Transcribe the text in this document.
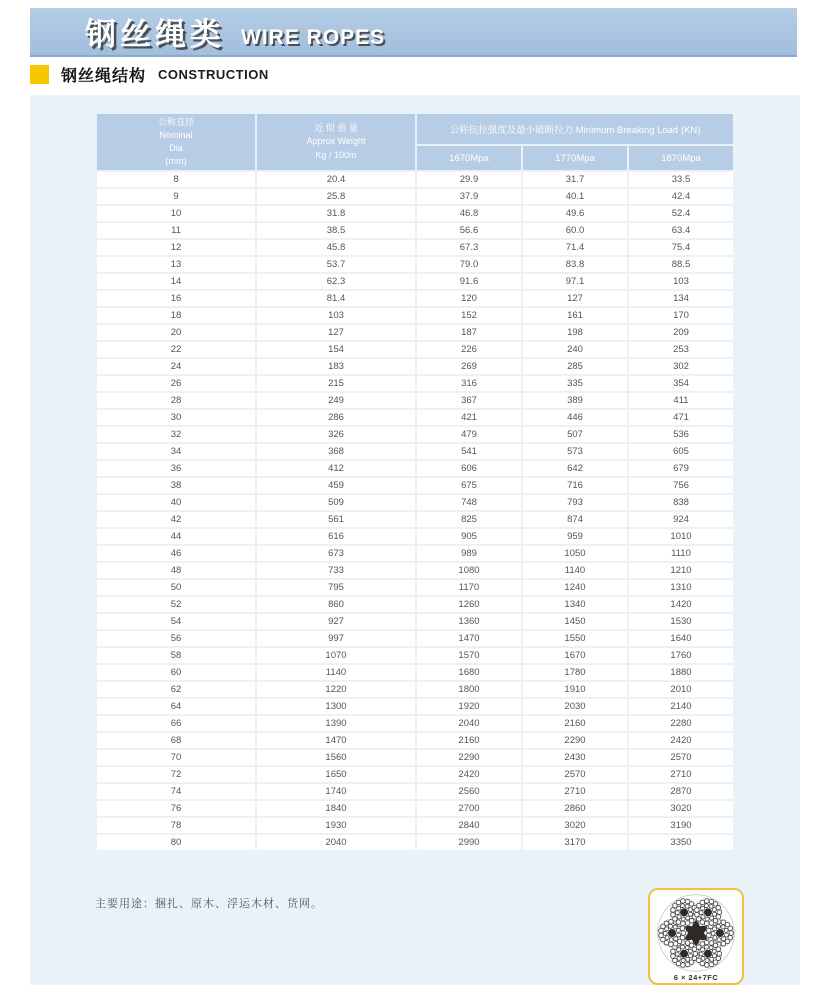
钢丝绳类 WIRE ROPES
钢丝绳结构 CONSTRUCTION
公称直径
Nominal
Dia
(mm)

近 似 重 量
Approx Weight
Kg / 100m
	公称抗拉强度及最小破断拉力 Minimum Breaking Load (KN)
		1670Mpa	1770Mpa	1870Mpa
8	20.4	29.9	31.7	33.5
9	25.8	37.9	40.1	42.4
10	31.8	46.8	49.6	52.4
11	38.5	56.6	60.0	63.4
12	45.8	67.3	71.4	75.4
13	53.7	79.0	83.8	88.5
14	62.3	91.6	97.1	103
16	81.4	120	127	134
18	103	152	161	170
20	127	187	198	209
22	154	226	240	253
24	183	269	285	302
26	215	316	335	354
28	249	367	389	411
30	286	421	446	471
32	326	479	507	536
34	368	541	573	605
36	412	606	642	679
38	459	675	716	756
40	509	748	793	838
42	561	825	874	924
44	616	905	959	1010
46	673	989	1050	1110
48	733	1080	1140	1210
50	795	1170	1240	1310
52	860	1260	1340	1420
54	927	1360	1450	1530
56	997	1470	1550	1640
58	1070	1570	1670	1760
60	1140	1680	1780	1880
62	1220	1800	1910	2010
64	1300	1920	2030	2140
66	1390	2040	2160	2280
68	1470	2160	2290	2420
70	1560	2290	2430	2570
72	1650	2420	2570	2710
74	1740	2560	2710	2870
76	1840	2700	2860	3020
78	1930	2840	3020	3190
80	2040	2990	3170	3350
主要用途：捆扎、原木、浮运木材、货网。
6 × 24+7FC
